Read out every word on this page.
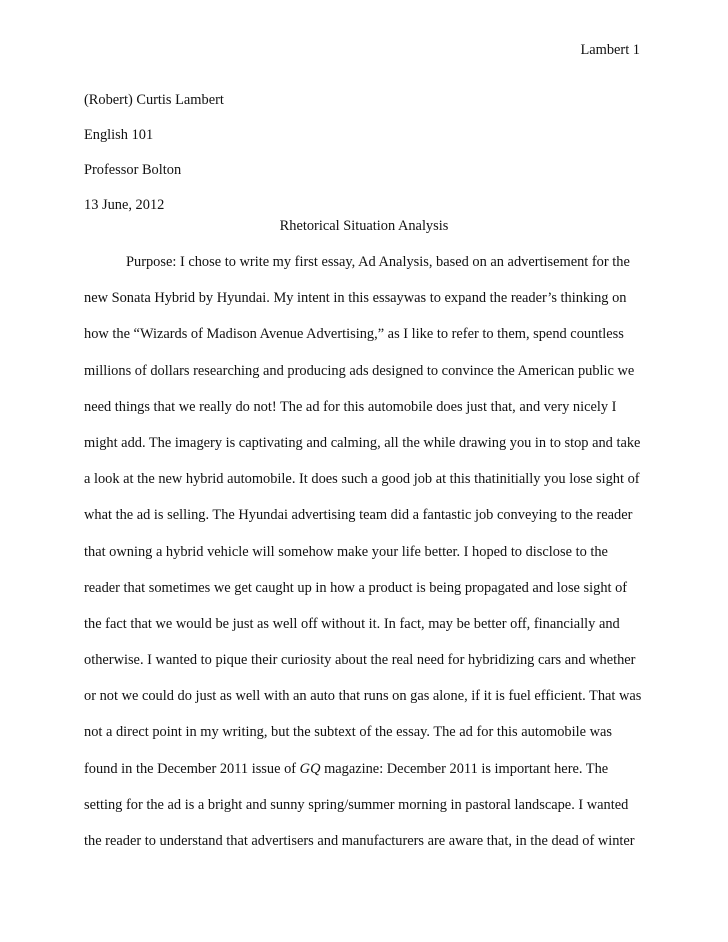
Lambert 1
(Robert) Curtis Lambert
English 101
Professor Bolton
13 June, 2012
Rhetorical Situation Analysis
Purpose: I chose to write my first essay, Ad Analysis, based on an advertisement for the
new Sonata Hybrid by Hyundai. My intent in this essaywas to expand the reader’s thinking on
how the “Wizards of Madison Avenue Advertising,” as I like to refer to them, spend countless
millions of dollars researching and producing ads designed to convince the American public we
need things that we really do not! The ad for this automobile does just that, and very nicely I
might add. The imagery is captivating and calming, all the while drawing you in to stop and take
a look at the new hybrid automobile. It does such a good job at this thatinitially you lose sight of
what the ad is selling. The Hyundai advertising team did a fantastic job conveying to the reader
that owning a hybrid vehicle will somehow make your life better. I hoped to disclose to the
reader that sometimes we get caught up in how a product is being propagated and lose sight of
the fact that we would be just as well off without it. In fact, may be better off, financially and
otherwise. I wanted to pique their curiosity about the real need for hybridizing cars and whether
or not we could do just as well with an auto that runs on gas alone, if it is fuel efficient. That was
not a direct point in my writing, but the subtext of the essay. The ad for this automobile was
found in the December 2011 issue of GQ magazine: December 2011 is important here. The
setting for the ad is a bright and sunny spring/summer morning in pastoral landscape. I wanted
the reader to understand that advertisers and manufacturers are aware that, in the dead of winter
